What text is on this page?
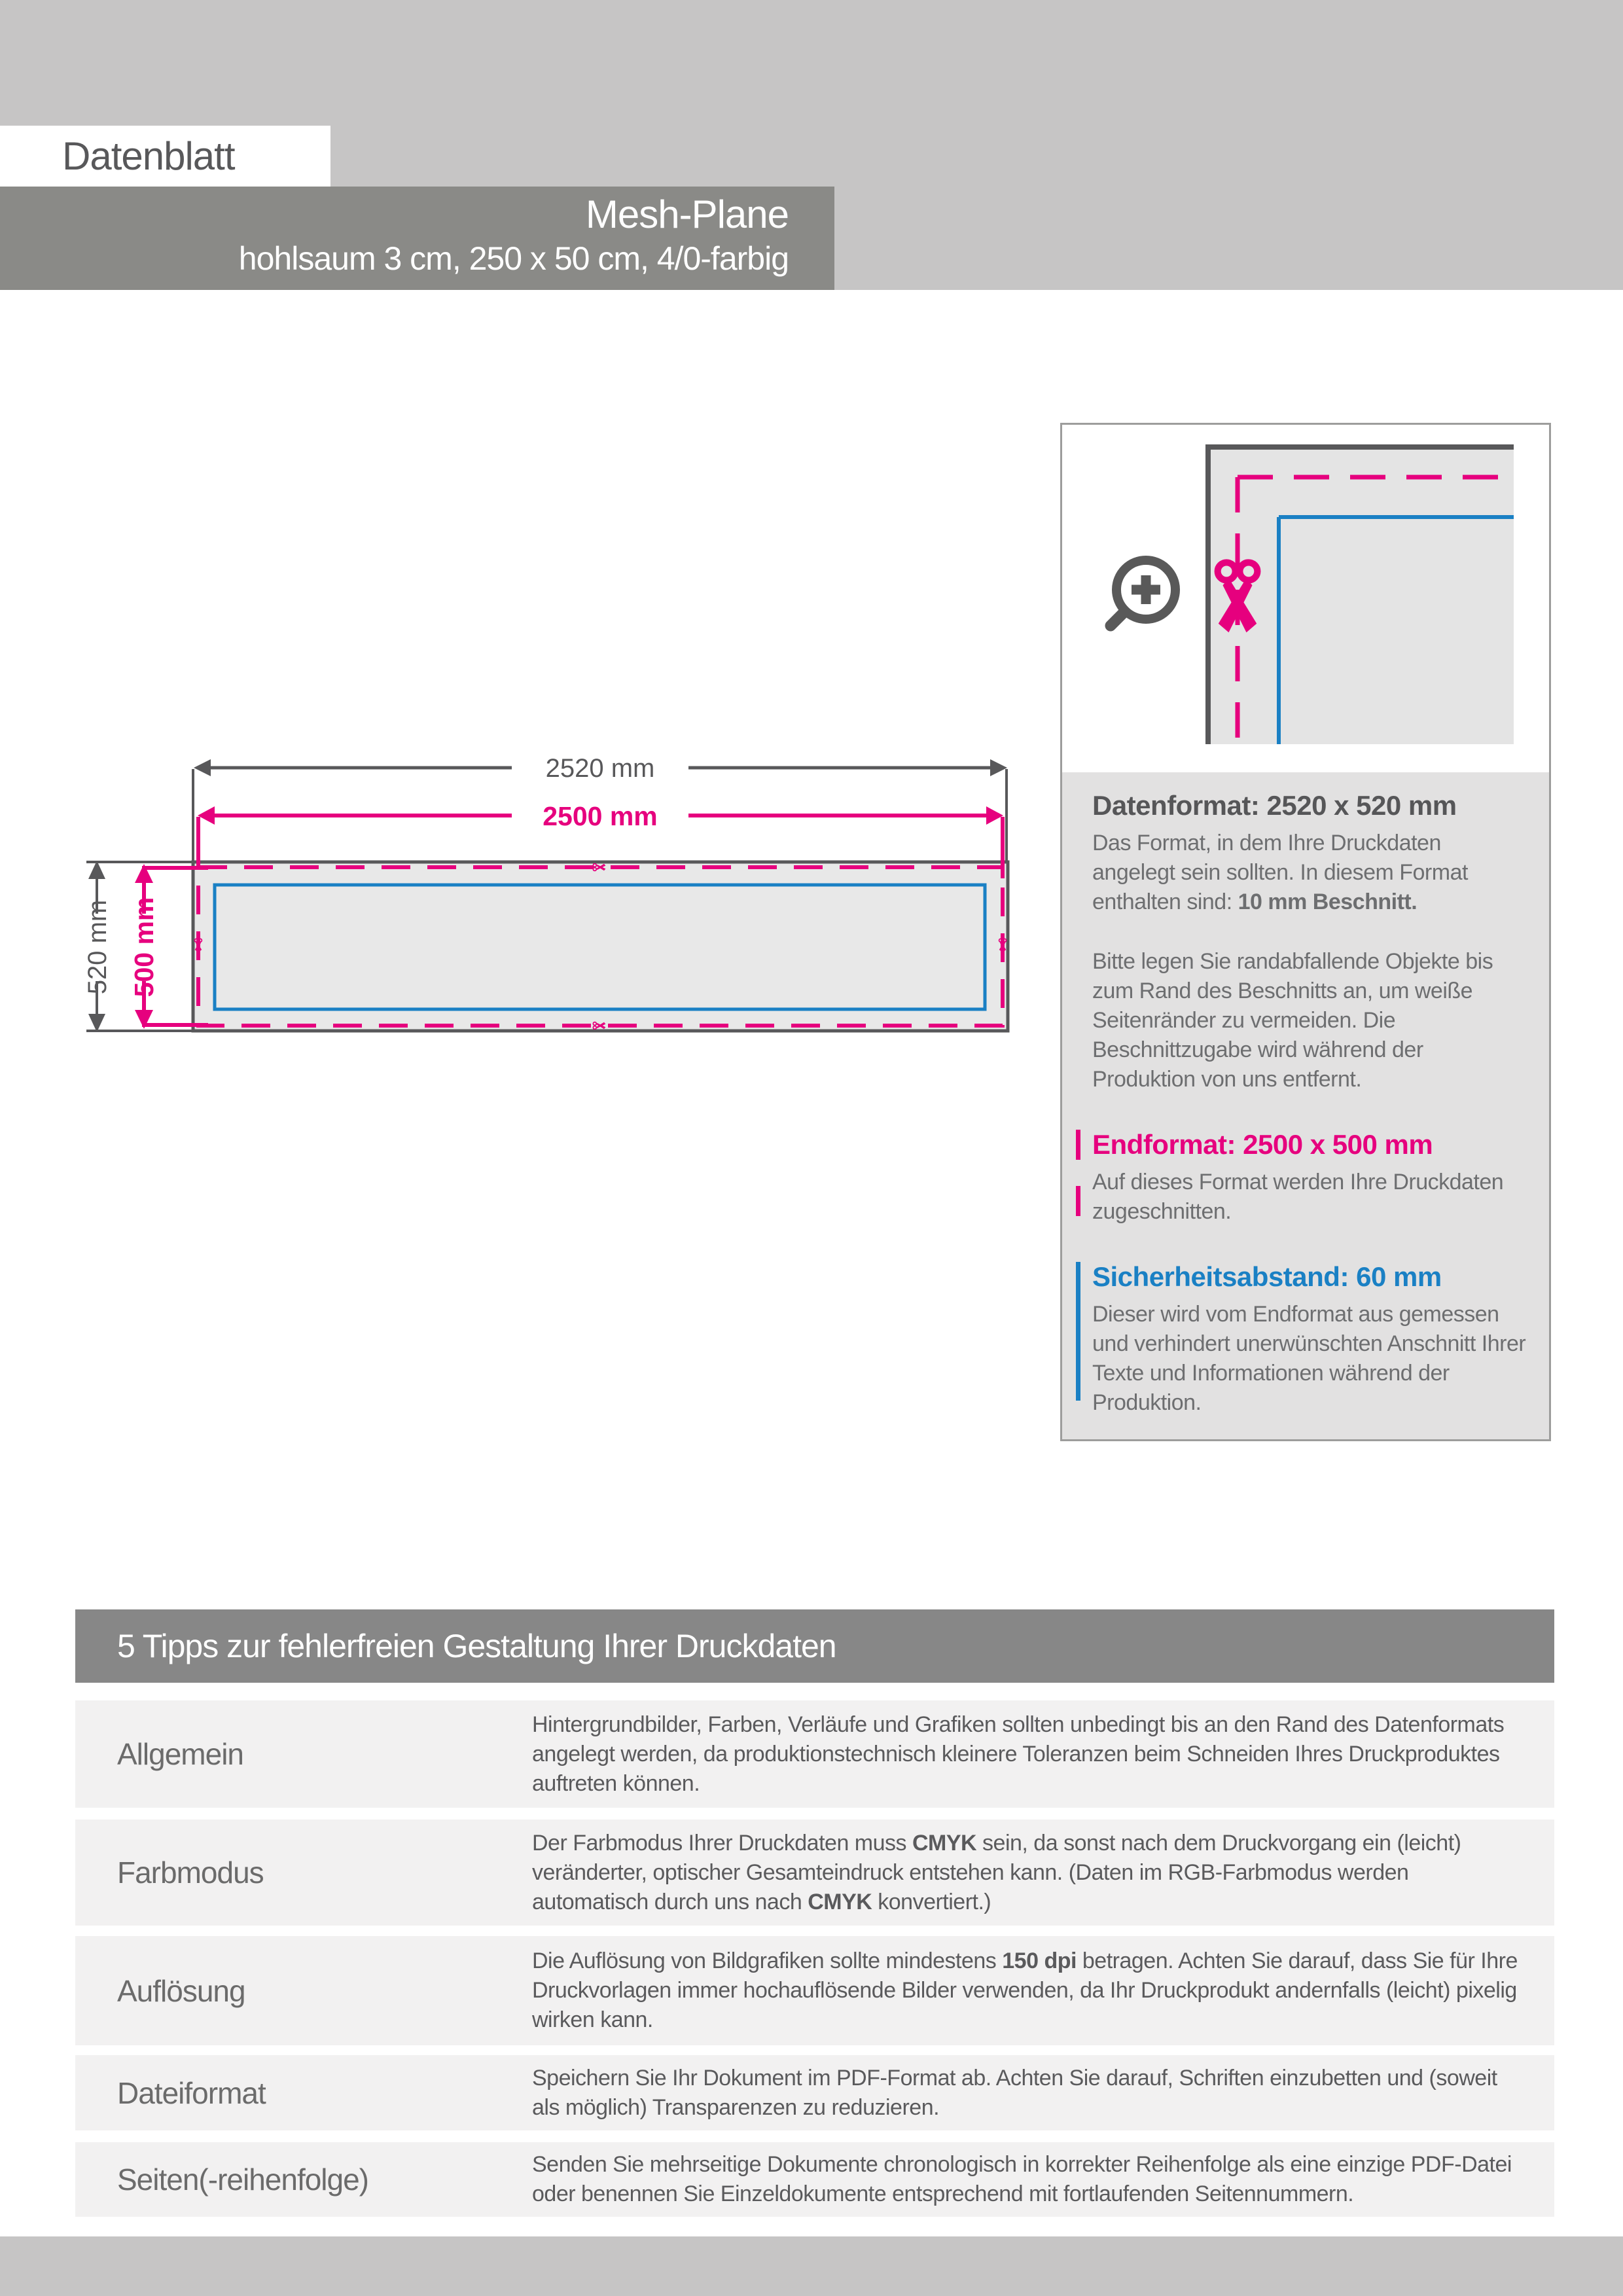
Datenblatt
Mesh-Plane
hohlsaum 3 cm, 250 x 50 cm, 4/0-farbig
2520 mm
2500 mm
520 mm 500 mm
Datenformat: 2520 x 520 mm

Das Format, in dem Ihre Druckdaten angelegt sein sollten. In diesem Format enthalten sind: 10 mm Beschnitt.

Bitte legen Sie randabfallende Objekte bis zum Rand des Beschnitts an, um weiße Seitenränder zu vermeiden. Die Beschnittzugabe wird während der Produktion von uns entfernt.

Endformat: 2500 x 500 mm

Auf dieses Format werden Ihre Druckdaten zugeschnitten.

Sicherheitsabstand: 60 mm

Dieser wird vom Endformat aus gemessen und verhindert unerwünschten Anschnitt Ihrer Texte und Informationen während der Produktion.

5 Tipps zur fehlerfreien Gestaltung Ihrer Druckdaten
Allgemein
Hintergrundbilder, Farben, Verläufe und Grafiken sollten unbedingt bis an den Rand des Datenformats angelegt werden, da produktionstechnisch kleinere Toleranzen beim Schneiden Ihres Druckproduktes auftreten können.
Farbmodus
Der Farbmodus Ihrer Druckdaten muss CMYK sein, da sonst nach dem Druckvorgang ein (leicht) veränderter, optischer Gesamteindruck entstehen kann. (Daten im RGB-Farbmodus werden automatisch durch uns nach CMYK konvertiert.)
Auflösung
Die Auflösung von Bildgrafiken sollte mindestens 150 dpi betragen. Achten Sie darauf, dass Sie für Ihre Druckvorlagen immer hochauflösende Bilder verwenden, da Ihr Druckprodukt andernfalls (leicht) pixelig wirken kann.
Dateiformat	Speichern Sie Ihr Dokument im PDF-Format ab. Achten Sie darauf, Schriften einzubetten und (soweit als möglich) Transparenzen zu reduzieren.
Seiten(-reihenfolge)	Senden Sie mehrseitige Dokumente chronologisch in korrekter Reihenfolge als eine einzige PDF-Datei oder benennen Sie Einzeldokumente entsprechend mit fortlaufenden Seitennummern.
